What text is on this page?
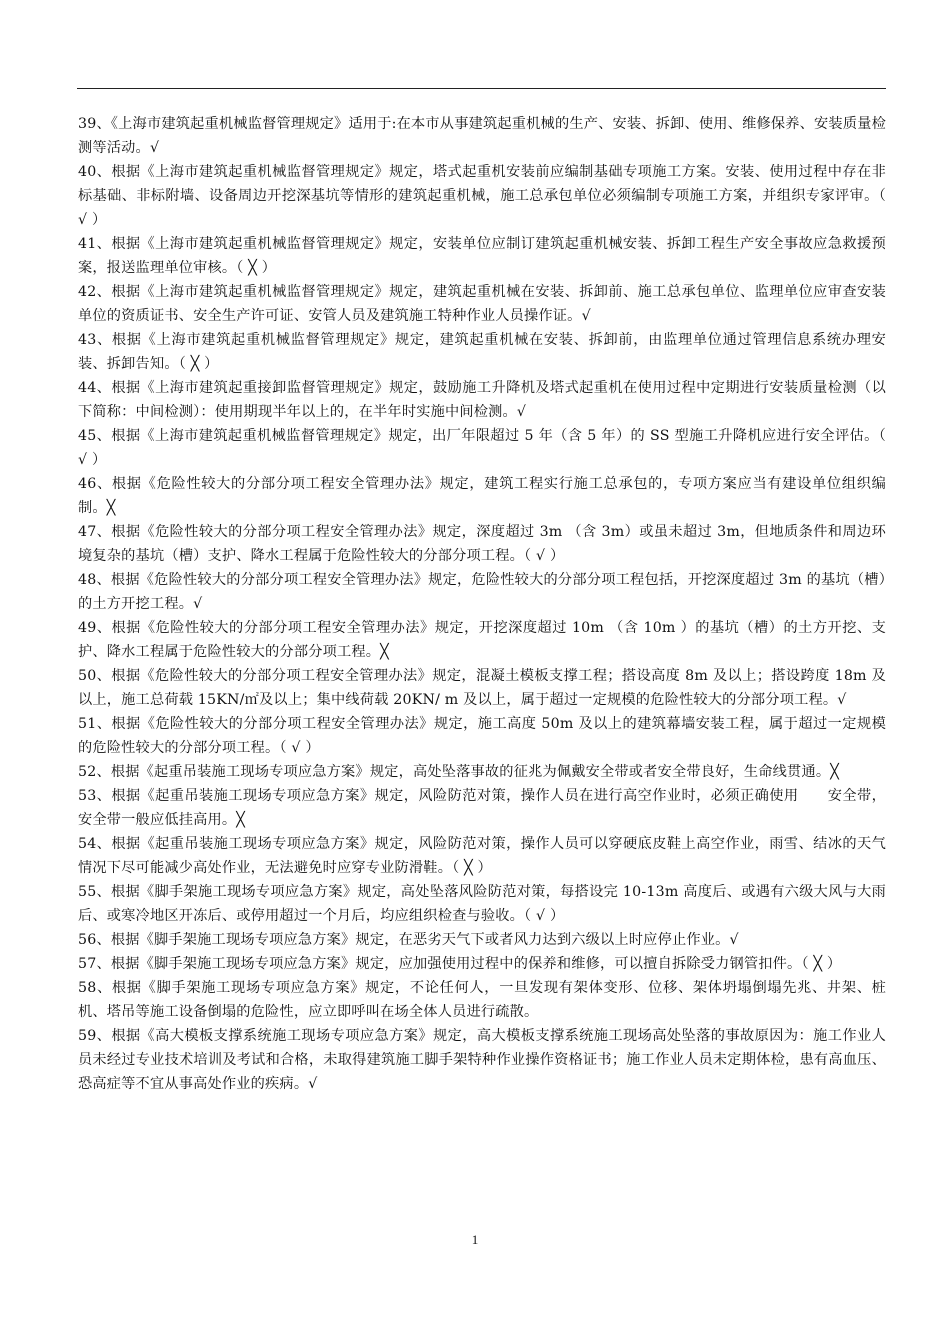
39、《上海市建筑起重机械监督管理规定》适用于:在本市从事建筑起重机械的生产、安装、拆卸、使用、维修保养、安装质量检测等活动。√

40、根据《上海市建筑起重机械监督管理规定》规定，塔式起重机安装前应编制基础专项施工方案。安装、使用过程中存在非标基础、非标附墙、设备周边开挖深基坑等情形的建筑起重机械，施工总承包单位必须编制专项施工方案，并组织专家评审。（ √ ）

41、根据《上海市建筑起重机械监督管理规定》规定，安装单位应制订建筑起重机械安装、拆卸工程生产安全事故应急救援预案，报送监理单位审核。（ ╳ ）

42、根据《上海市建筑起重机械监督管理规定》规定，建筑起重机械在安装、拆卸前、施工总承包单位、监理单位应审查安装单位的资质证书、安全生产许可证、安管人员及建筑施工特种作业人员操作证。√

43、根据《上海市建筑起重机械监督管理规定》规定，建筑起重机械在安装、拆卸前，由监理单位通过管理信息系统办理安装、拆卸告知。（ ╳ ）

44、根据《上海市建筑起重接卸监督管理规定》规定，鼓励施工升降机及塔式起重机在使用过程中定期进行安装质量检测（以下简称：中间检测）：使用期现半年以上的，在半年时实施中间检测。√

45、根据《上海市建筑起重机械监督管理规定》规定，出厂年限超过 5 年（含 5 年）的 SS 型施工升降机应进行安全评估。（ √ ）

46、根据《危险性较大的分部分项工程安全管理办法》规定，建筑工程实行施工总承包的，专项方案应当有建设单位组织编制。╳

47、根据《危险性较大的分部分项工程安全管理办法》规定，深度超过 3m （含 3m）或虽未超过 3m，但地质条件和周边环境复杂的基坑（槽）支护、降水工程属于危险性较大的分部分项工程。（ √ ）

48、根据《危险性较大的分部分项工程安全管理办法》规定，危险性较大的分部分项工程包括，开挖深度超过 3m 的基坑（槽）的土方开挖工程。√

49、根据《危险性较大的分部分项工程安全管理办法》规定，开挖深度超过 10m （含 10m ）的基坑（槽）的土方开挖、支护、降水工程属于危险性较大的分部分项工程。╳

50、根据《危险性较大的分部分项工程安全管理办法》规定，混凝土模板支撑工程；搭设高度 8m 及以上；搭设跨度 18m 及以上，施工总荷载 15KN/㎡及以上；集中线荷载 20KN/ m 及以上，属于超过一定规模的危险性较大的分部分项工程。√

51、根据《危险性较大的分部分项工程安全管理办法》规定，施工高度 50m 及以上的建筑幕墙安装工程，属于超过一定规模的危险性较大的分部分项工程。（ √ ）

52、根据《起重吊装施工现场专项应急方案》规定，高处坠落事故的征兆为佩戴安全带或者安全带良好，生命线贯通。╳

53、根据《起重吊装施工现场专项应急方案》规定，风险防范对策，操作人员在进行高空作业时，必须正确使用　　安全带，安全带一般应低挂高用。╳

54、根据《起重吊装施工现场专项应急方案》规定，风险防范对策，操作人员可以穿硬底皮鞋上高空作业，雨雪、结冰的天气情况下尽可能减少高处作业，无法避免时应穿专业防滑鞋。（ ╳ ）

55、根据《脚手架施工现场专项应急方案》规定，高处坠落风险防范对策，每搭设完 10-13m 高度后、或遇有六级大风与大雨后、或寒冷地区开冻后、或停用超过一个月后，均应组织检查与验收。（ √ ）

56、根据《脚手架施工现场专项应急方案》规定，在恶劣天气下或者风力达到六级以上时应停止作业。√

57、根据《脚手架施工现场专项应急方案》规定，应加强使用过程中的保养和维修，可以擅自拆除受力钢管扣件。（ ╳ ）

58、根据《脚手架施工现场专项应急方案》规定，不论任何人，一旦发现有架体变形、位移、架体坍塌倒塌先兆、井架、桩机、塔吊等施工设备倒塌的危险性，应立即呼叫在场全体人员进行疏散。

59、根据《高大模板支撑系统施工现场专项应急方案》规定，高大模板支撑系统施工现场高处坠落的事故原因为：施工作业人员未经过专业技术培训及考试和合格，未取得建筑施工脚手架特种作业操作资格证书；施工作业人员未定期体检，患有高血压、恐高症等不宜从事高处作业的疾病。√

1
